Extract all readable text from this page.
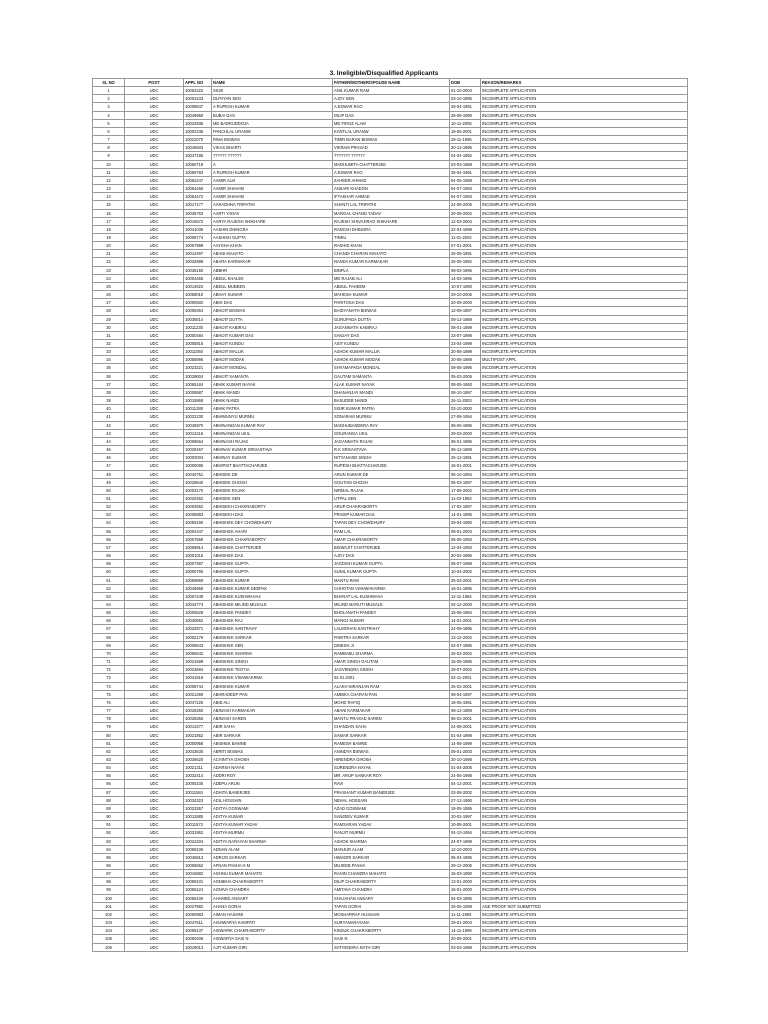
3. Ineligible/Disqualified Applicants
SL NO	POST	APPL NO	NAME	FATHER/MOTHER/SPOUSE NAME	DOB	REASON/REMARKS
1	UDC	10004322	SS20	ANIL KUMAR RAM	01-10-2004	INCOMPLETE APPLICATION
2	UDC	10003103	DLPAYAN SEN	AJOY SEN	03-10-1995	INCOMPLETE APPLICATION
3	UDC	10008847	A RUPESH KUMAR	A ESWAR RAO	28-04-1991	INCOMPLETE APPLICATION
4	UDC	10049960	BUBAI DAS	DILIP DAS	28-08-1990	INCOMPLETE APPLICATION
5	UDC	10022835	MD BADRUDDOJA	MD FIROZ ALAM	10-11-2005	INCOMPLETE APPLICATION
6	UDC	10002345	PANCHLAL URANW	KANTLAL URANW	19-06-2001	INCOMPLETE APPLICATION
7	UDC	10022070	RIMA BISWAS	TIMIR BARAN BISWAS	29-11-1996	INCOMPLETE APPLICATION
8	UDC	10046503	VIKAS BHARTI	VIKRAM PRASAD	20-12-1995	INCOMPLETE APPLICATION
9	UDC	10047186	?????? ??????	??????? ??????	04-04-1992	INCOMPLETE APPLICATION
10	UDC	10060718	A	MADHUMITA CHATTERJEE	03-03-1988	INCOMPLETE APPLICATION
11	UDC	10059783	A RUPESH KUMAR	A ESWAR RAO	28-04-1991	INCOMPLETE APPLICATION
12	UDC	10052247	AAMIR ALVI	ZAHEER AHMAD	04-05-1998	INCOMPLETE APPLICATION
13	UDC	10054466	AAMIR SHAHAB	ANSARI KHADON	04-07-1993	INCOMPLETE APPLICATION
14	UDC	10054472	AAMIR SHAHAB	IFTAKHAR AHMAD	04-07-1993	INCOMPLETE APPLICATION
15	UDC	10017177	AARADHNA TRIPATHI	SHANTI LAL TRIPATHI	24-08-2005	INCOMPLETE APPLICATION
16	UDC	10035763	AARTI YADAV	MANGAL CHAND YADAV	20-08-2002	INCOMPLETE APPLICATION
17	UDC	10016572	AARYA RAJESH SHIKHARE	RAJESH SHIVAJIRAO SHIKHARE	12-03-2004	INCOMPLETE APPLICATION
18	UDC	10041035	AASHIN DHINGRA	RAKESH DHINGRA	22-04-1999	INCOMPLETE APPLICATION
19	UDC	10008774	AASHISH GUPTA	TINKU	11-01-2002	INCOMPLETE APPLICATION
20	UDC	10057999	AAYSHA KHAN	RASHID KHAN	07-01-2001	INCOMPLETE APPLICATION
21	UDC	10012497	ABANI MAHATO	CHANDI CHARAN MAHATO	25-09-1991	INCOMPLETE APPLICATION
22	UDC	10032888	ABARA KARMAKAR	NANDA KUMAR KARMAKAR	26-05-1992	INCOMPLETE APPLICATION
23	UDC	10036150	ABBHR	BINPLA	08-02-1996	INCOMPLETE APPLICATION
24	UDC	10004465	ABDUL KHALEK	MD RAJAB ALI	14-02-1996	INCOMPLETE APPLICATION
25	UDC	10014822	ABDUL MUBEEN	ABDUL FAHEEM	10-07-1990	INCOMPLETE APPLICATION
26	UDC	10058010	ABHAY KUMAR	MAHESH KUMAR	29-10-2005	INCOMPLETE APPLICATION
27	UDC	10000932	ABHI DAS	PARITOSH DAS	20-09-2000	INCOMPLETE APPLICATION
28	UDC	10008364	ABHIJIT BISWAS	BAIDYANATH BISWAS	12-09-1987	INCOMPLETE APPLICATION
29	UDC	10036814	ABHIJIT DUTTA	GURUPADA DUTTA	09-12-1989	INCOMPLETE APPLICATION
30	UDC	10011235	ABHIJIT KABIRAJ	JAGANNATH KABIRAJ	08-01-1999	INCOMPLETE APPLICATION
31	UDC	10000484	ABHIJIT KUMAR DAS	SANJAY DAS	23-07-1998	INCOMPLETE APPLICATION
32	UDC	10005815	ABHIJIT KUNDU	ASIT KUNDU	23-04-1999	INCOMPLETE APPLICATION
33	UDC	10011050	ABHIJIT MALLIK	ASHOK KUMAR MALLIK	20-08-1999	INCOMPLETE APPLICATION
34	UDC	10055896	ABHIJIT MODAK	ASHOK KUMAR MODAK	20-08-1989	MULTIPOST APPL
35	UDC	10023221	ABHIJIT MONDAL	SHYAMAPADA MONDAL	09-08-1995	INCOMPLETE APPLICATION
36	UDC	10028604	ABHIJIT SAMANTA	GAUTAM SAMANTA	05-03-2005	INCOMPLETE APPLICATION
37	UDC	10065184	ABHIK KUMAR NAYAK	ALAK KUMAR NAYAK	08-05-1993	INCOMPLETE APPLICATION
38	UDC	10009587	ABHIK MANDI	DHANANJAY MANDI	08-10-1997	INCOMPLETE APPLICATION
39	UDC	10015868	ABHIK NANDI	BASUDEB NANDI	26-11-2003	INCOMPLETE APPLICATION
40	UDC	10011288	ABHIK PATRA	SISIR KUMAR PATRA	03-10-2000	INCOMPLETE APPLICATION
41	UDC	10022230	ABHIMUNYU MURMU	SONARAM MURMU	27-08-1994	INCOMPLETE APPLICATION
42	UDC	10045970	ABHINANDAN KUMAR RAY	MADHUBANDERA RAY	08-06-1996	INCOMPLETE APPLICATION
43	UDC	10012416	ABHINANDAN UKIL	GOURANGA UKIL	29-03-2000	INCOMPLETE APPLICATION
44	UDC	10009664	ABHINASH RAJAK	JAGANNATH RAJAK	08-01-1996	INCOMPLETE APPLICATION
45	UDC	10028467	ABHINAV KUMAR SRIVASTAVA	R K SRIVASTAVA	08-12-1989	INCOMPLETE APPLICATION
46	UDC	10003004	ABHINAY KUMAR	NITYANAND SINGH	25-12-1991	INCOMPLETE APPLICATION
47	UDC	10000086	ABHIPSIT BHATTACHARJEE	RUPESH BHATTACHARJEE	16-01-2001	INCOMPLETE APPLICATION
48	UDC	10040751	ABHISEK DE	ARUN KUMAR DE	06-10-1994	INCOMPLETE APPLICATION
49	UDC	10029640	ABHISEK GHOSH	GOUTAM GHOSH	05-03-1997	INCOMPLETE APPLICATION
50	UDC	10003170	ABHISEK RAJAK	NIRMAL RAJAK	17-05-2002	INCOMPLETE APPLICATION
51	UDC	10020452	ABHISEK SEN	UTPAL SEN	11-03-1993	INCOMPLETE APPLICATION
52	UDC	10002652	ABHISEKH CHAKRABORTY	ARUP CHAKRABORTY	17-02-1987	INCOMPLETE APPLICATION
53	UDC	10005883	ABHISEKH DAS	PRADIP KUMAR DAS	14-01-1995	INCOMPLETE APPLICATION
54	UDC	10059190	ABHISHEK DEY CHOWDHURY	TAPAN DEY CHOWDHURY	29-04-1990	INCOMPLETE APPLICATION
55	UDC	10004347	ABHISHEK AHARI	RAM LAL	08-01-2003	INCOMPLETE APPLICATION
56	UDC	10007568	ABHISHEK CHAKRABORTY	AMAR CHAKRABORTY	05-05-1993	INCOMPLETE APPLICATION
57	UDC	10059914	ABHISHEK CHATTERJEE	BISWAJIT CHATTERJEE	12-04-1993	INCOMPLETE APPLICATION
58	UDC	10001015	ABHISHEK DAS	AJOY DAS	20-02-1996	INCOMPLETE APPLICATION
59	UDC	10007387	ABHISHEK GUPTA	JAGDISH KUMAR GUPTA	05-07-1998	INCOMPLETE APPLICATION
60	UDC	10000766	ABHISHEK GUPTA	SUNIL KUMAR GUPTA	10-04-2002	INCOMPLETE APPLICATION
61	UDC	10059869	ABHISHEK KUMAR	MANTU RAM	25-03-2001	INCOMPLETE APPLICATION
62	UDC	10046958	ABHISHEK KUMAR DEEPAK	CHHOTAN VISHWAKARMA	16-01-1995	INCOMPLETE APPLICATION
63	UDC	10057448	ABHISHEK KUSHWAHA4	BHARAT LAL KUSHWAHA	12-11-1984	INCOMPLETE APPLICATION
64	UDC	10042774	ABHISHEK MILIND MUSALE	MILIND MARUTI MUSALE	02-12-2000	INCOMPLETE APPLICATION
65	UDC	10005528	ABHISHEK PANDEY	BHOLANATH PANDEY	15-08-1994	INCOMPLETE APPLICATION
66	UDC	10030652	ABHISHEK RAJ	MANOJ KUMAR	14-01-2001	INCOMPLETE APPLICATION
67	UDC	10022871	ABHISHEK SANTRAHY	LALMOHAN SANTRAHY	24-09-1996	INCOMPLETE APPLICATION
68	UDC	10002176	ABHISHEK SARKAR	PABITRA SARKAR	13-12-2002	INCOMPLETE APPLICATION
69	UDC	10009643	ABHISHEK SEN	DINESH JI	02-07-1995	INCOMPLETE APPLICATION
70	UDC	10006542	ABHISHEK SHARMA	RAMBABU SHARMA	26-02-2002	INCOMPLETE APPLICATION
71	UDC	10021599	ABHISHEK SINGH	AMAR SINGH GAUTAM	15-09-1995	INCOMPLETE APPLICATION
72	UDC	10023684	ABHISHEK TEOTIA	JAGVENDRA SINGH	28-07-2002	INCOMPLETE APPLICATION
73	UDC	10041818	ABHISHEK VISHWAKRMA	02.01.2001	02-11-2001	INCOMPLETE APPLICATION
74	UDC	10008744	ABHISHEK KUMAR	ALAKH NIRANJAN RAM	25-02-2001	INCOMPLETE APPLICATION
75	UDC	10021369	ABHRADEEP PAN	AMBIKA CHARAN PAN	08-04-1997	INCOMPLETE APPLICATION
76	UDC	10047225	ABID ALI	MOHD RAFIQ	18-05-1991	INCOMPLETE APPLICATION
77	UDC	10028450	ABINASH KARMAKAR	ABANI KARMAKAR	08-12-1989	INCOMPLETE APPLICATION
78	UDC	10028366	ABINASH SAREN	MANTU PRASAD SAREN	06-02-2001	INCOMPLETE APPLICATION
79	UDC	10014277	ABIR SAHA	CHANDAN SAHA	24-08-2001	INCOMPLETE APPLICATION
80	UDC	10021852	ABIR SARKAR	SAMAR SARKAR	01-04-1998	INCOMPLETE APPLICATION
81	UDC	10000958	ABISHEK BAMNE	RAMESH BAMNE	14-08-1999	INCOMPLETE APPLICATION
82	UDC	10043630	ABRITI BISWAS	ANINDYA BISWAS	09-01-2003	INCOMPLETE APPLICATION
83	UDC	10036620	ACHINTYA GHOSH	HIRENDRA GHOSH	20-10-1998	INCOMPLETE APPLICATION
84	UDC	10021311	ADARSH NAYAK	SURENDRA NAYAK	01-04-2005	INCOMPLETE APPLICATION
85	UDC	10032414	ADDRI ROY	MR. ARUP SANKAR ROY	24-05-1998	INCOMPLETE APPLICATION
86	UDC	10005105	ADEPU ARUN	RAVI	04-12-2001	INCOMPLETE APPLICATION
87	UDC	10011584	ADHITA BANERJEE	PRASHANT KUMAR BANERJEE	03-08-2002	INCOMPLETE APPLICATION
88	UDC	10034323	ADIL HOSSAIN	NEHAL HOSSAIN	27-12-1990	INCOMPLETE APPLICATION
89	UDC	10023367	ADITYA GOSWAMI	AZAD GOSWAMI	19-05-1995	INCOMPLETE APPLICATION
90	UDC	10012885	ADITYA KUMAR	SANJEEV KUMAR	20-02-1997	INCOMPLETE APPLICATION
91	UDC	10011572	ADITYA KUMAR YADAV	RAMSARAN YADAV	10-08-2001	INCOMPLETE APPLICATION
92	UDC	10031952	ADITYA MURMU	RANJIT MURMU	04-10-1994	INCOMPLETE APPLICATION
93	UDC	10022404	ADITYA NARAYAN SHARMA	ASHOK SHARMA	24-07-1999	INCOMPLETE APPLICATION
94	UDC	10058106	ADNAN ALAM	MANJUR ALAM	12-10-2003	INCOMPLETE APPLICATION
95	UDC	10046813	ADRIJO SARKAR	HIMADRI SARKAR	05-04-1995	INCOMPLETE APPLICATION
96	UDC	10006652	AFNAN PASHA H M	MUJEEB PASHA	29-12-2005	INCOMPLETE APPLICATION
97	UDC	10016882	AGHNU KUMAR MAHATO	RAHIN CHANDRA MAHATO	15-03-1990	INCOMPLETE APPLICATION
98	UDC	10059101	AGNIBHA CHAKRABORTY	DILIP CHAKRABORTY	13-01-2000	INCOMPLETE APPLICATION
99	UDC	10056124	AGNIVA CHANDRA	AMITAVA CHANDRA	16-01-2000	INCOMPLETE APPLICATION
100	UDC	10056100	AHAMED ANSARY	SHAJAHAN ANSARY	04-03-1995	INCOMPLETE APPLICATION
101	UDC	10027882	AHANA GORAI	TAPAN GORAI	28-05-1998	AGE PROOF NOT SUBMITTED
102	UDC	10000983	AIMAN HASHMI	MOSHARRAF HUSSAIN	11-11-1993	INCOMPLETE APPLICATION
103	UDC	10047611	AISHWARYA KAMPATI	SURYANARAYANA	29-01-2003	INCOMPLETE APPLICATION
104	UDC	10059137	AISWARIK CHAKRABORTY	KINSUK CHAKRABORTY	14-11-1999	INCOMPLETE APPLICATION
105	UDC	10060406	AISWARYA SASI N	SASI N	20-05-2001	INCOMPLETE APPLICATION
106	UDC	10019013	AJIT KUMAR GIRI	SATYENDRA NATH GIRI	03-03-1998	INCOMPLETE APPLICATION
